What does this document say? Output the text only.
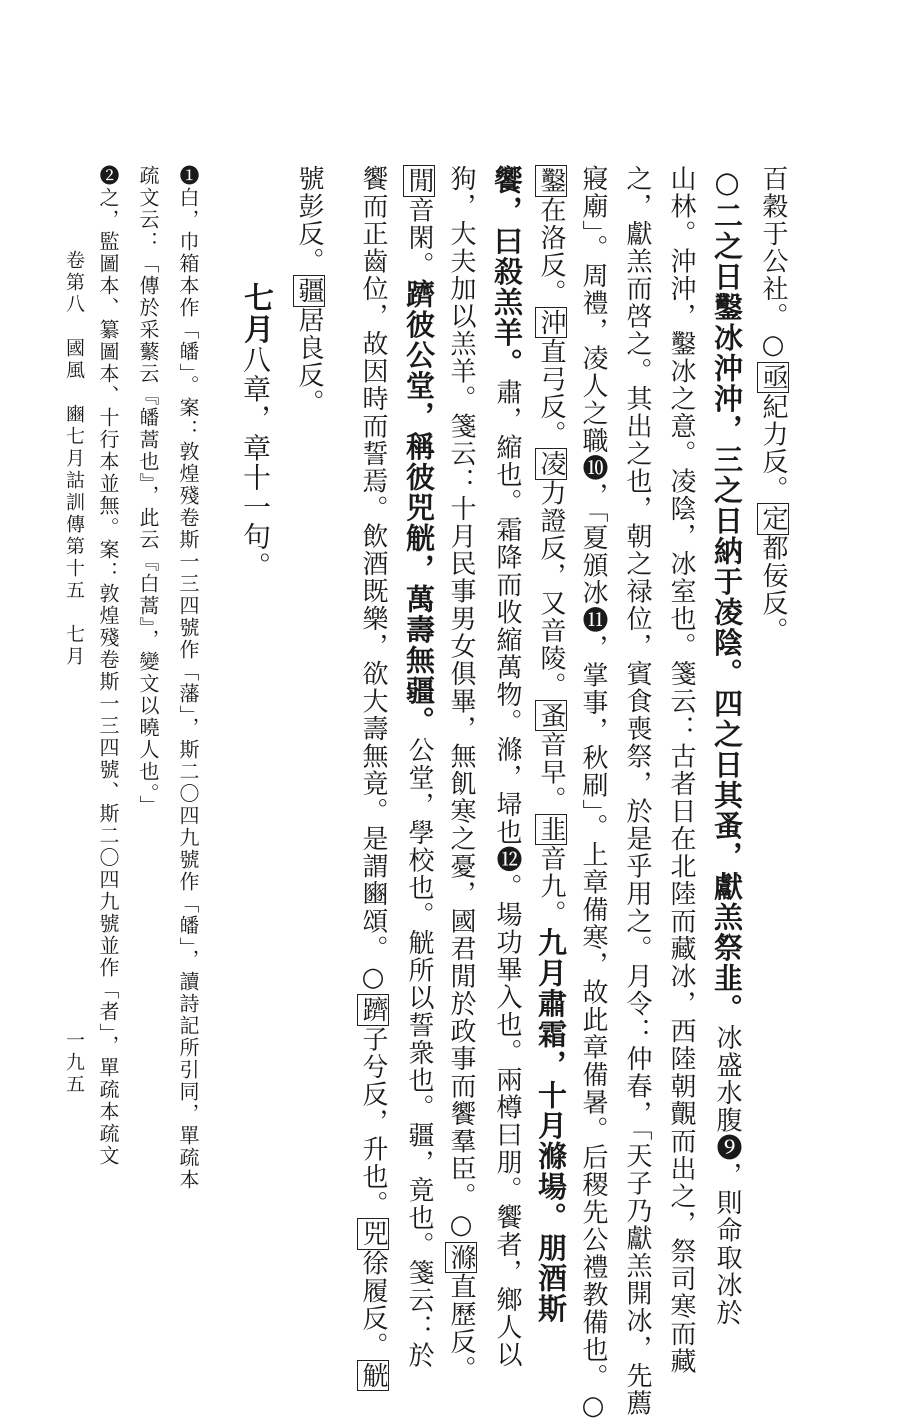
百穀于公社。○亟紀力反。定都佞反。
○二之日鑿冰沖沖，三之日納于凌陰。四之日其蚤，獻羔祭韭。冰盛水腹❾，則命取冰於
山林。沖沖，鑿冰之意。凌陰，冰室也。箋云：古者日在北陸而藏冰，西陸朝覿而出之，祭司寒而藏
之，獻羔而啓之。其出之也，朝之禄位，賓食喪祭，於是乎用之。月令：仲春，「天子乃獻羔開冰，先薦
寢廟」。周禮，凌人之職❿，「夏頒冰⓫，掌事，秋刷」。上章備寒，故此章備暑。后稷先公禮教備也。○
鑿在洛反。沖直弓反。凌力證反，又音陵。蚤音早。韭音九。九月肅霜，十月滌場。朋酒斯
饗，曰殺羔羊。肅，縮也。霜降而收縮萬物。滌，埽也⓬。場功畢入也。兩樽曰朋。饗者，鄉人以
狗，大夫加以羔羊。箋云：十月民事男女俱畢，無飢寒之憂，國君閒於政事而饗羣臣。○滌直歷反。
閒音閑。躋彼公堂，稱彼兕觥，萬壽無疆。公堂，學校也。觥所以誓衆也。疆，竟也。箋云：於
饗而正齒位，故因時而誓焉。飲酒既樂，欲大壽無竟。是謂豳頌。○躋子兮反，升也。兕徐履反。觥
號彭反。疆居良反。
❶白，巾箱本作「皤」。案：敦煌殘卷斯一三四號作「藩」，斯二〇四九號作「皤」，讀詩記所引同，單疏本
疏文云：「傳於采蘩云『皤蒿也』，此云『白蒿』，變文以曉人也。」
❷之，監圖本、纂圖本、十行本並無。案：敦煌殘卷斯一三四號、斯二〇四九號並作「者」，單疏本疏文
卷第八　國風　豳七月詁訓傳第十五　七月
一九五
七月八章，章十一句。
